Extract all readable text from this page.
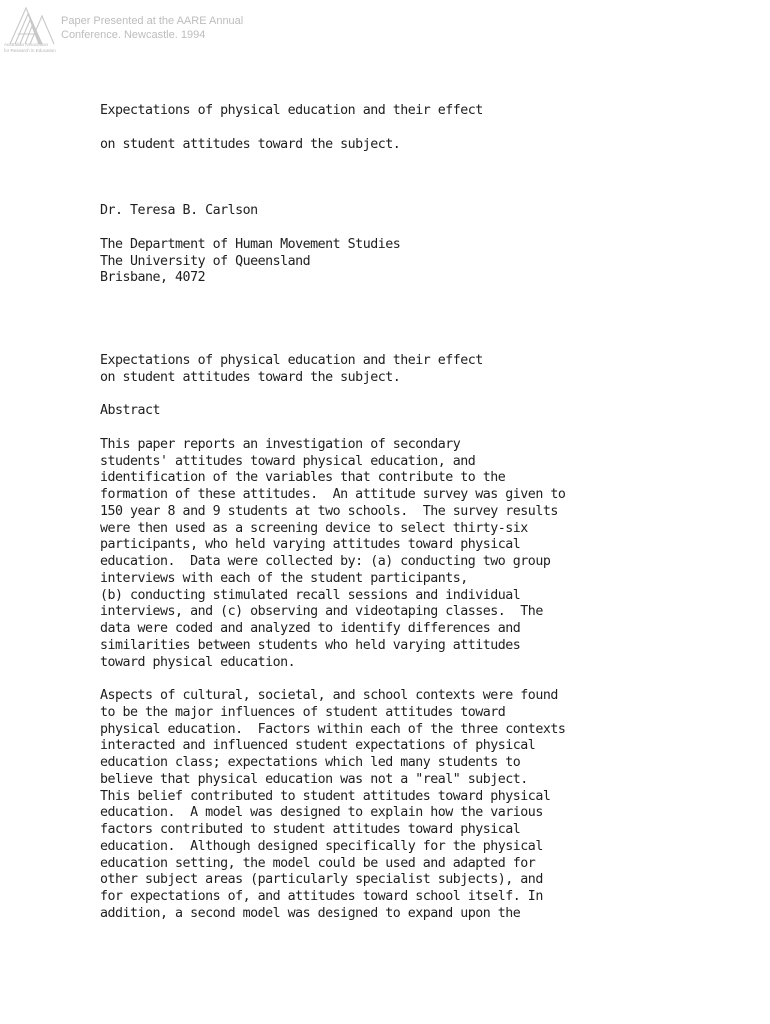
Australian Association
for Research in Education
Paper Presented at the AARE Annual
Conference. Newcastle. 1994
Expectations of physical education and their effect
on student attitudes toward the subject.
Dr. Teresa B. Carlson
The Department of Human Movement Studies
The University of Queensland
Brisbane, 4072
Expectations of physical education and their effect
on student attitudes toward the subject.
Abstract
This paper reports an investigation of secondary
students' attitudes toward physical education, and
identification of the variables that contribute to the
formation of these attitudes.  An attitude survey was given to
150 year 8 and 9 students at two schools.  The survey results
were then used as a screening device to select thirty-six
participants, who held varying attitudes toward physical
education.  Data were collected by: (a) conducting two group
interviews with each of the student participants,
(b) conducting stimulated recall sessions and individual
interviews, and (c) observing and videotaping classes.  The
data were coded and analyzed to identify differences and
similarities between students who held varying attitudes
toward physical education.
Aspects of cultural, societal, and school contexts were found
to be the major influences of student attitudes toward
physical education.  Factors within each of the three contexts
interacted and influenced student expectations of physical
education class; expectations which led many students to
believe that physical education was not a "real" subject.
This belief contributed to student attitudes toward physical
education.  A model was designed to explain how the various
factors contributed to student attitudes toward physical
education.  Although designed specifically for the physical
education setting, the model could be used and adapted for
other subject areas (particularly specialist subjects), and
for expectations of, and attitudes toward school itself. In
addition, a second model was designed to expand upon the
